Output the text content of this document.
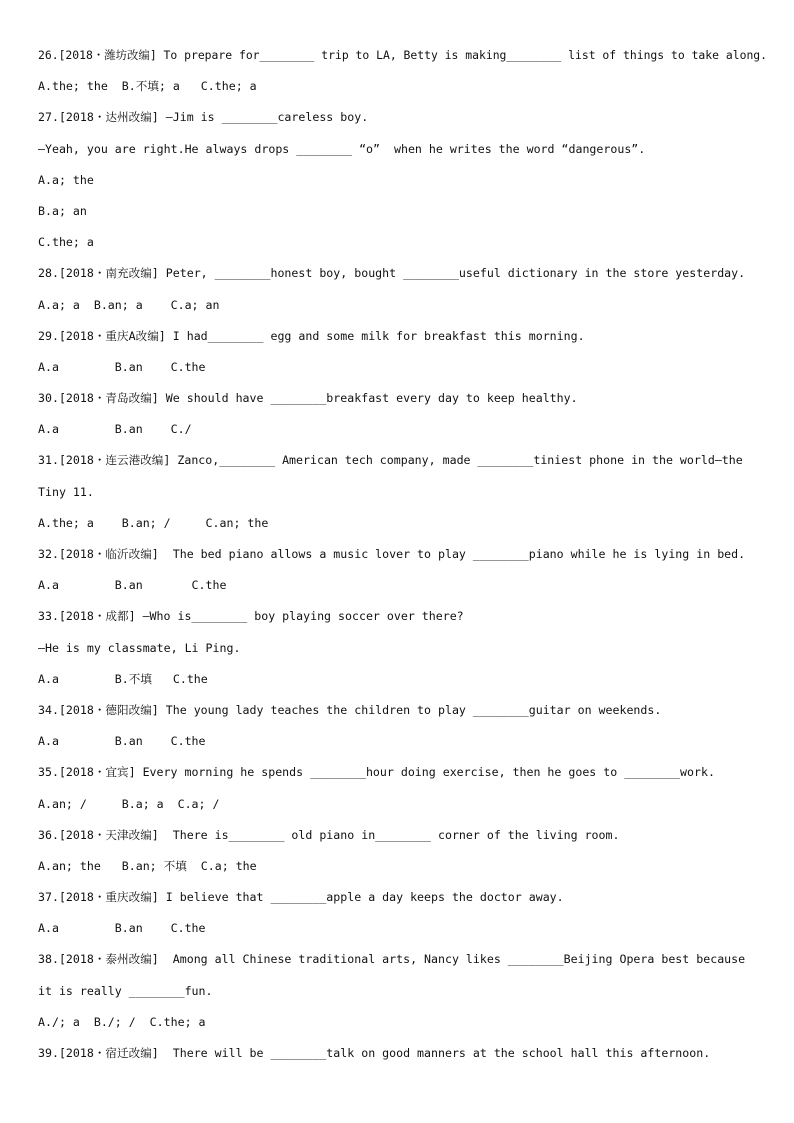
26.[2018・潍坊改编] To prepare for________ trip to LA, Betty is making________ list of things to take along.
A.the; the  B.不填; a   C.the; a
27.[2018・达州改编] —Jim is ________careless boy.
—Yeah, you are right.He always drops ________ “o”  when he writes the word “dangerous”.
A.a; the
B.a; an
C.the; a
28.[2018・南充改编] Peter, ________honest boy, bought ________useful dictionary in the store yesterday.
A.a; a  B.an; a    C.a; an
29.[2018・重庆A改编] I had________ egg and some milk for breakfast this morning.
A.a        B.an    C.the
30.[2018・青岛改编] We should have ________breakfast every day to keep healthy.
A.a        B.an    C./
31.[2018・连云港改编] Zanco,________ American tech company, made ________tiniest phone in the world—the
Tiny 11.
A.the; a    B.an; /     C.an; the
32.[2018・临沂改编]  The bed piano allows a music lover to play ________piano while he is lying in bed.
A.a        B.an       C.the
33.[2018・成都] —Who is________ boy playing soccer over there?
—He is my classmate, Li Ping.
A.a        B.不填   C.the
34.[2018・德阳改编] The young lady teaches the children to play ________guitar on weekends.
A.a        B.an    C.the
35.[2018・宜宾] Every morning he spends ________hour doing exercise, then he goes to ________work.
A.an; /     B.a; a  C.a; /
36.[2018・天津改编]  There is________ old piano in________ corner of the living room.
A.an; the   B.an; 不填  C.a; the
37.[2018・重庆改编] I believe that ________apple a day keeps the doctor away.
A.a        B.an    C.the
38.[2018・泰州改编]  Among all Chinese traditional arts, Nancy likes ________Beijing Opera best because
it is really ________fun.
A./; a  B./; /  C.the; a
39.[2018・宿迁改编]  There will be ________talk on good manners at the school hall this afternoon.
